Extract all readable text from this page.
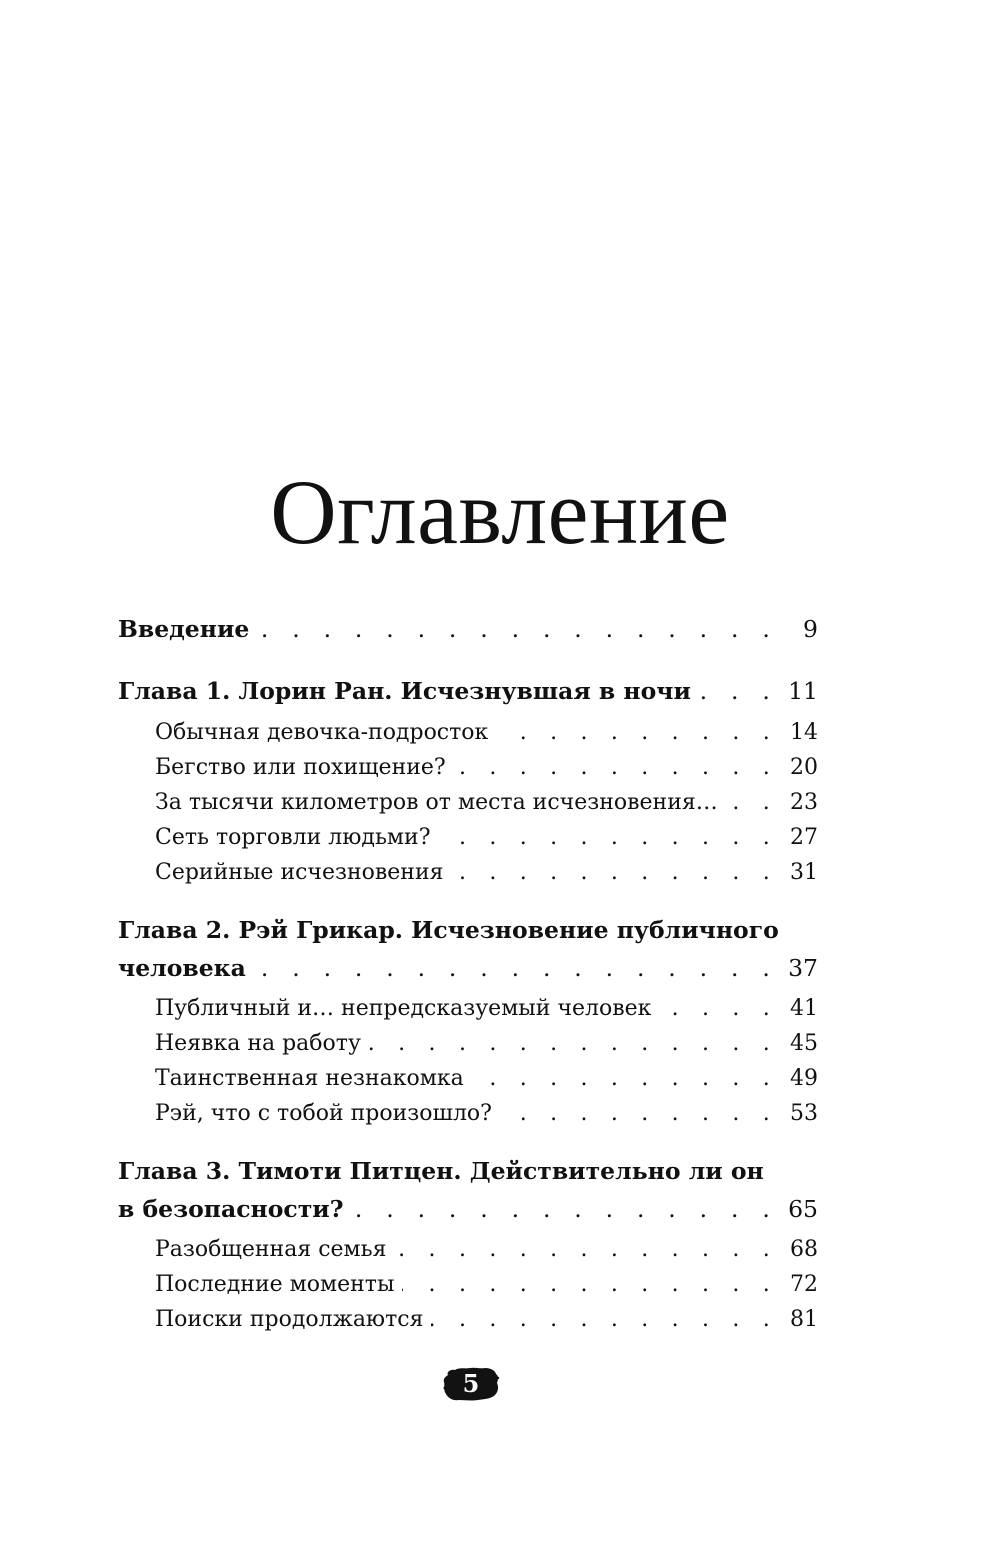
Оглавление
Введение . . .	9
Глава 1. Лорин Ран. Исчезнувшая в ночи . . .	11
Обычная девочка-подросток . . .	14
Бегство или похищение? . . .	20
За тысячи километров от места исчезновения… . . .	23
Сеть торговли людьми? . . .	27
Серийные исчезновения . . .	31
Глава 2. Рэй Грикар. Исчезновение публичного
человека . . .	37
Публичный и… непредсказуемый человек . . .	41
Неявка на работу . . .	45
Таинственная незнакомка . . .	49
Рэй, что с тобой произошло? . . .	53
Глава 3. Тимоти Питцен. Действительно ли он
в безопасности? . . .	65
Разобщенная семья . . .	68
Последние моменты . . .	72
Поиски продолжаются . . .	81
5
